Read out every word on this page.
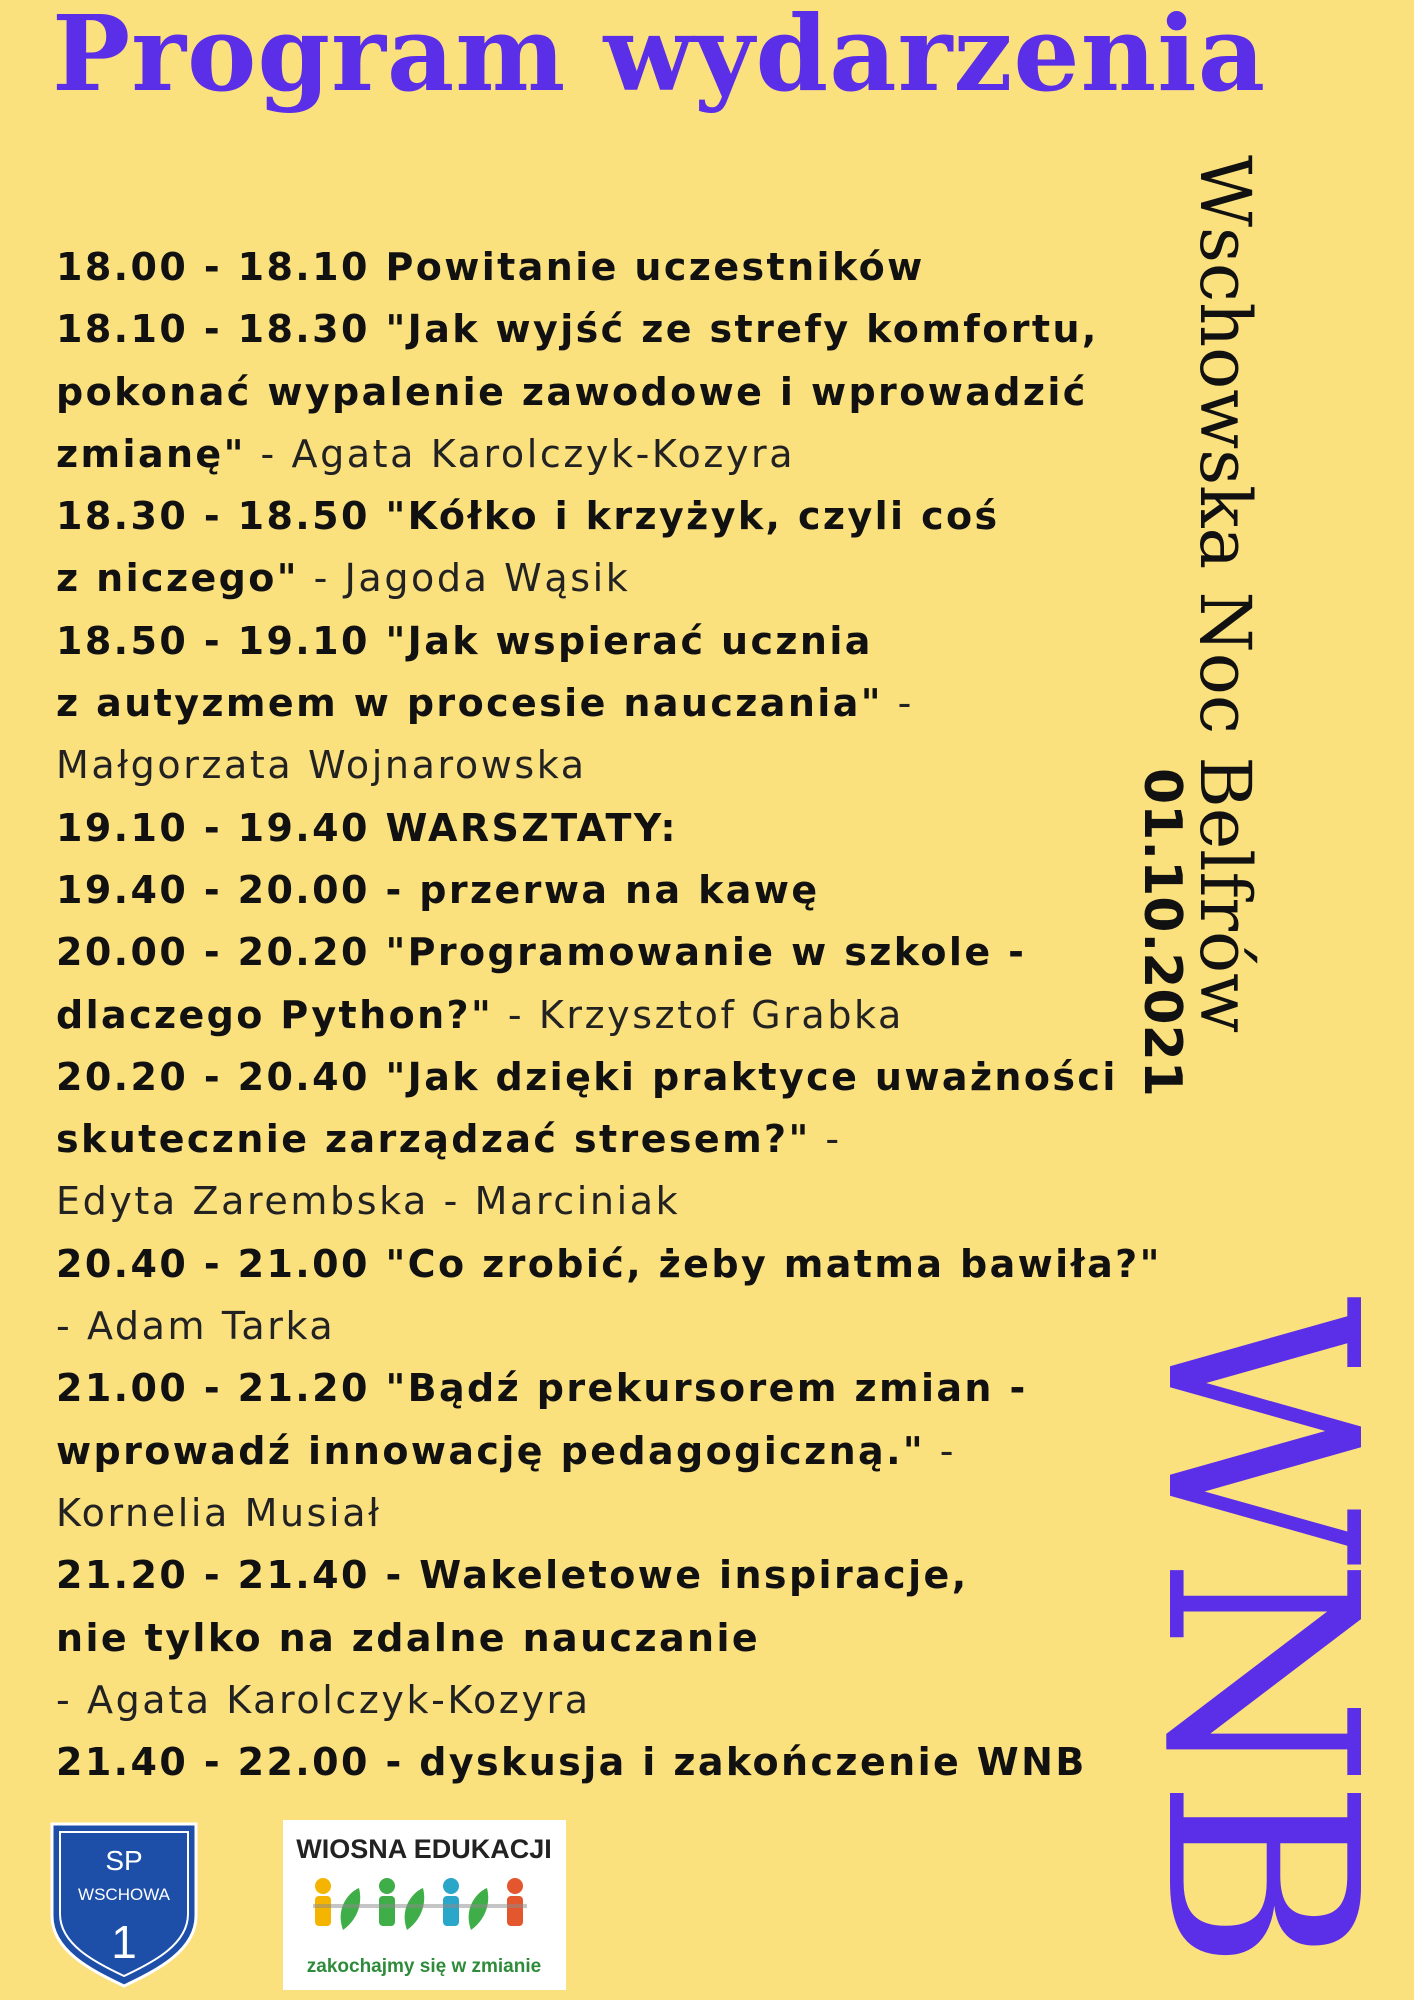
Program wydarzenia
18.00 - 18.10 Powitanie uczestników
18.10 - 18.30 "Jak wyjść ze strefy komfortu,
pokonać wypalenie zawodowe i wprowadzić
zmianę" - Agata Karolczyk-Kozyra
18.30 - 18.50 "Kółko i krzyżyk, czyli coś
z niczego" - Jagoda Wąsik
18.50 - 19.10 "Jak wspierać ucznia
z autyzmem w procesie nauczania" -
Małgorzata Wojnarowska
19.10 - 19.40 WARSZTATY:
19.40 - 20.00 - przerwa na kawę
20.00 - 20.20 "Programowanie w szkole -
dlaczego Python?" - Krzysztof Grabka
20.20 - 20.40 "Jak dzięki praktyce uważności
skutecznie zarządzać stresem?" -
Edyta Zarembska - Marciniak
20.40 - 21.00 "Co zrobić, żeby matma bawiła?"
- Adam Tarka
21.00 - 21.20 "Bądź prekursorem zmian -
wprowadź innowację pedagogiczną." -
Kornelia Musiał
21.20 - 21.40 - Wakeletowe inspiracje,
nie tylko na zdalne nauczanie
- Agata Karolczyk-Kozyra
21.40 - 22.00 - dyskusja i zakończenie WNB
Wschowska Noc Belfrów
01.10.2021
WNB
SP
WSCHOWA
1
WIOSNA EDUKACJI
zakochajmy się w zmianie
